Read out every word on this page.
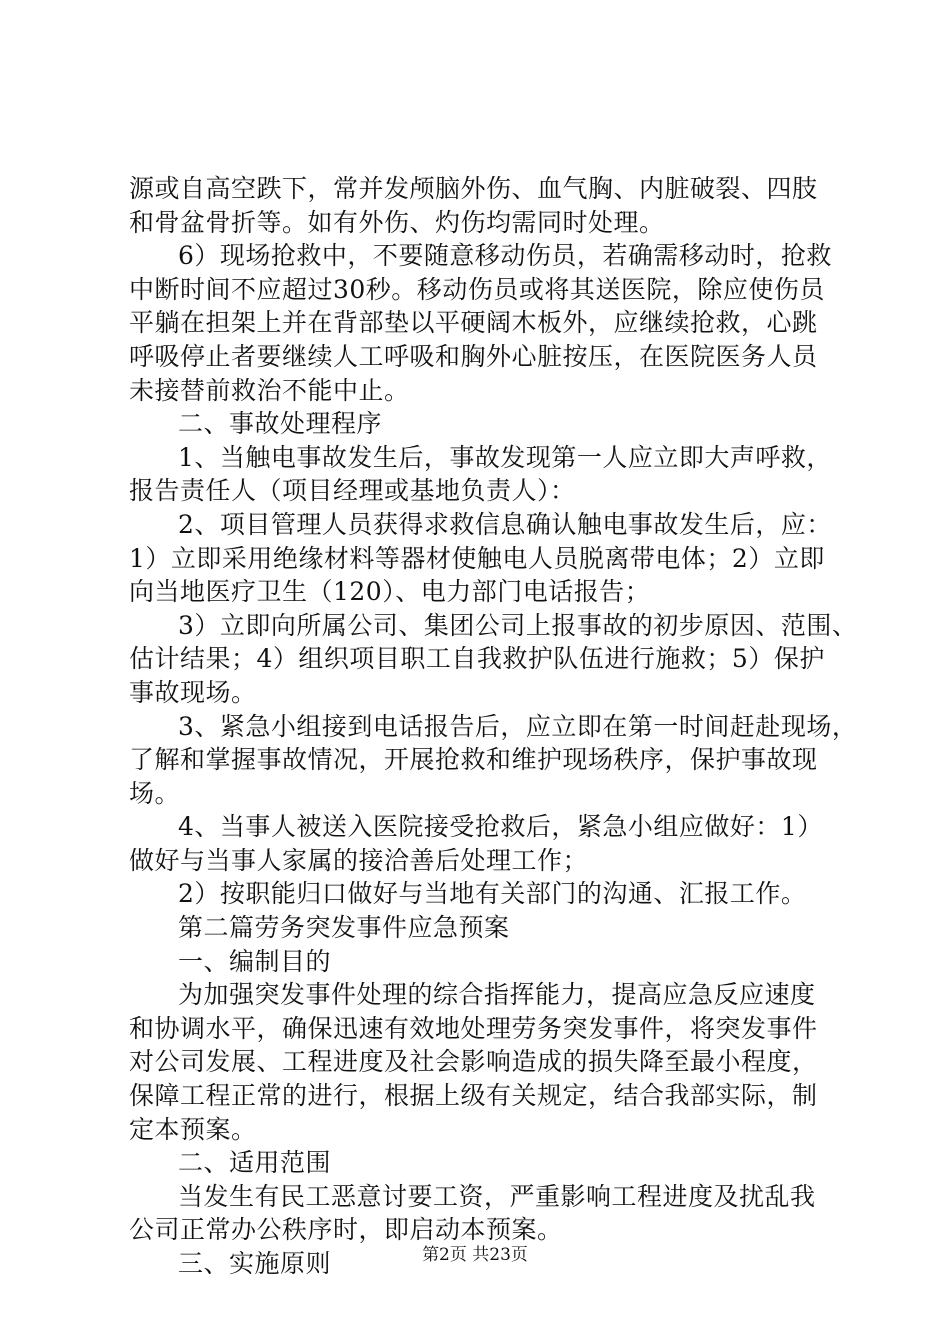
源或自高空跌下，常并发颅脑外伤、血气胸、内脏破裂、四肢
和骨盆骨折等。如有外伤、灼伤均需同时处理。
6）现场抢救中，不要随意移动伤员，若确需移动时，抢救
中断时间不应超过30秒。移动伤员或将其送医院，除应使伤员
平躺在担架上并在背部垫以平硬阔木板外，应继续抢救，心跳
呼吸停止者要继续人工呼吸和胸外心脏按压，在医院医务人员
未接替前救治不能中止。
二、事故处理程序
1、当触电事故发生后，事故发现第一人应立即大声呼救，
报告责任人（项目经理或基地负责人）：
2、项目管理人员获得求救信息确认触电事故发生后，应：
1）立即采用绝缘材料等器材使触电人员脱离带电体；2）立即
向当地医疗卫生（120）、电力部门电话报告；
3）立即向所属公司、集团公司上报事故的初步原因、范围、
估计结果；4）组织项目职工自我救护队伍进行施救；5）保护
事故现场。
3、紧急小组接到电话报告后，应立即在第一时间赶赴现场，
了解和掌握事故情况，开展抢救和维护现场秩序，保护事故现
场。
4、当事人被送入医院接受抢救后，紧急小组应做好：1）
做好与当事人家属的接洽善后处理工作；
2）按职能归口做好与当地有关部门的沟通、汇报工作。
第二篇劳务突发事件应急预案
一、编制目的
为加强突发事件处理的综合指挥能力，提高应急反应速度
和协调水平，确保迅速有效地处理劳务突发事件，将突发事件
对公司发展、工程进度及社会影响造成的损失降至最小程度，
保障工程正常的进行，根据上级有关规定，结合我部实际，制
定本预案。
二、适用范围
当发生有民工恶意讨要工资，严重影响工程进度及扰乱我
公司正常办公秩序时，即启动本预案。
三、实施原则	第2页 共23页
